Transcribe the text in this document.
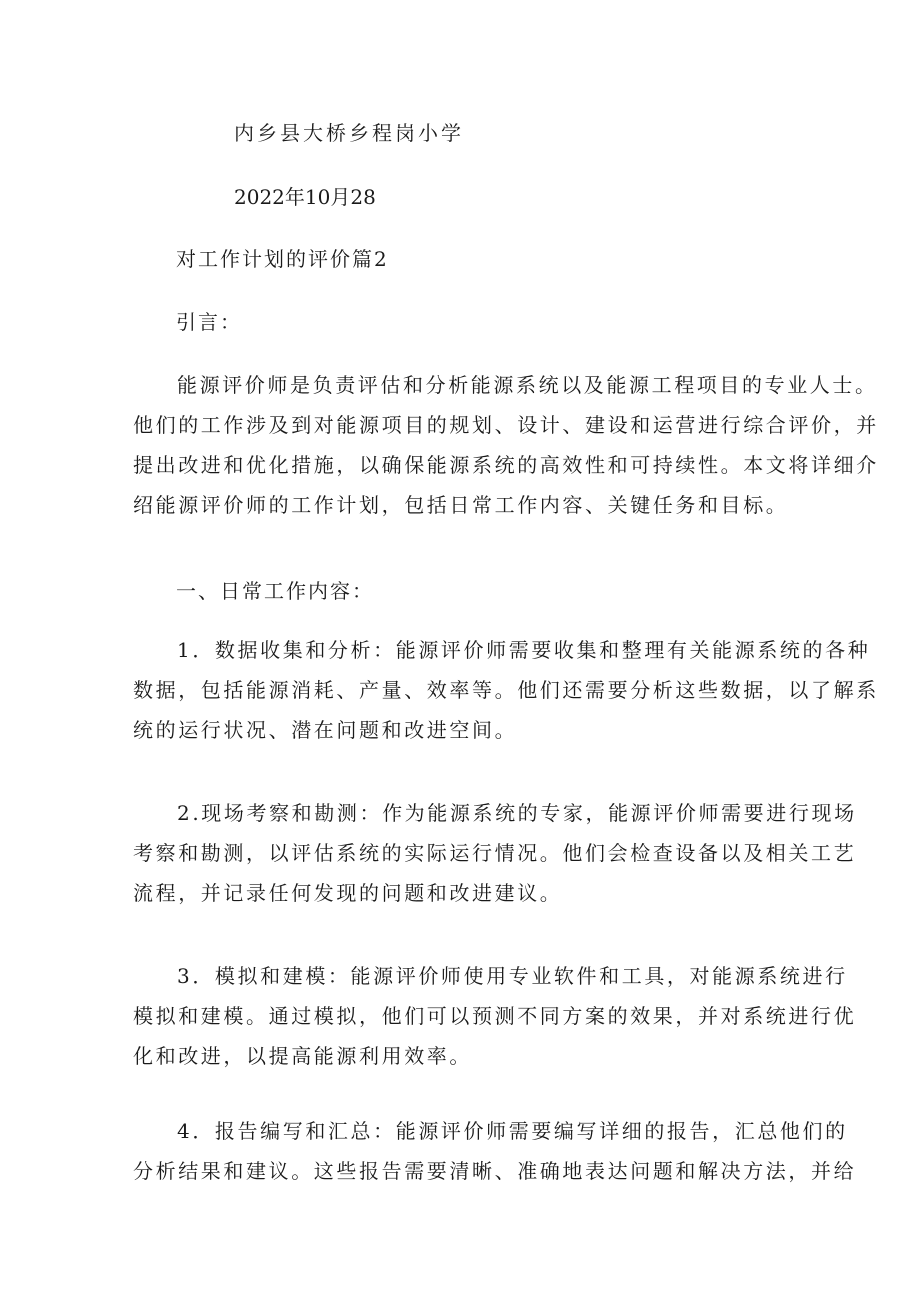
内乡县大桥乡程岗小学
2022年10月28
对工作计划的评价篇2
引言：
能源评价师是负责评估和分析能源系统以及能源工程项目的专业人士。
他们的工作涉及到对能源项目的规划、设计、建设和运营进行综合评价，并
提出改进和优化措施，以确保能源系统的高效性和可持续性。本文将详细介
绍能源评价师的工作计划，包括日常工作内容、关键任务和目标。
一、日常工作内容：
1．数据收集和分析：能源评价师需要收集和整理有关能源系统的各种
数据，包括能源消耗、产量、效率等。他们还需要分析这些数据，以了解系
统的运行状况、潜在问题和改进空间。
2.现场考察和勘测：作为能源系统的专家，能源评价师需要进行现场
考察和勘测，以评估系统的实际运行情况。他们会检查设备以及相关工艺
流程，并记录任何发现的问题和改进建议。
3．模拟和建模：能源评价师使用专业软件和工具，对能源系统进行
模拟和建模。通过模拟，他们可以预测不同方案的效果，并对系统进行优
化和改进，以提高能源利用效率。
4．报告编写和汇总：能源评价师需要编写详细的报告，汇总他们的
分析结果和建议。这些报告需要清晰、准确地表达问题和解决方法，并给
